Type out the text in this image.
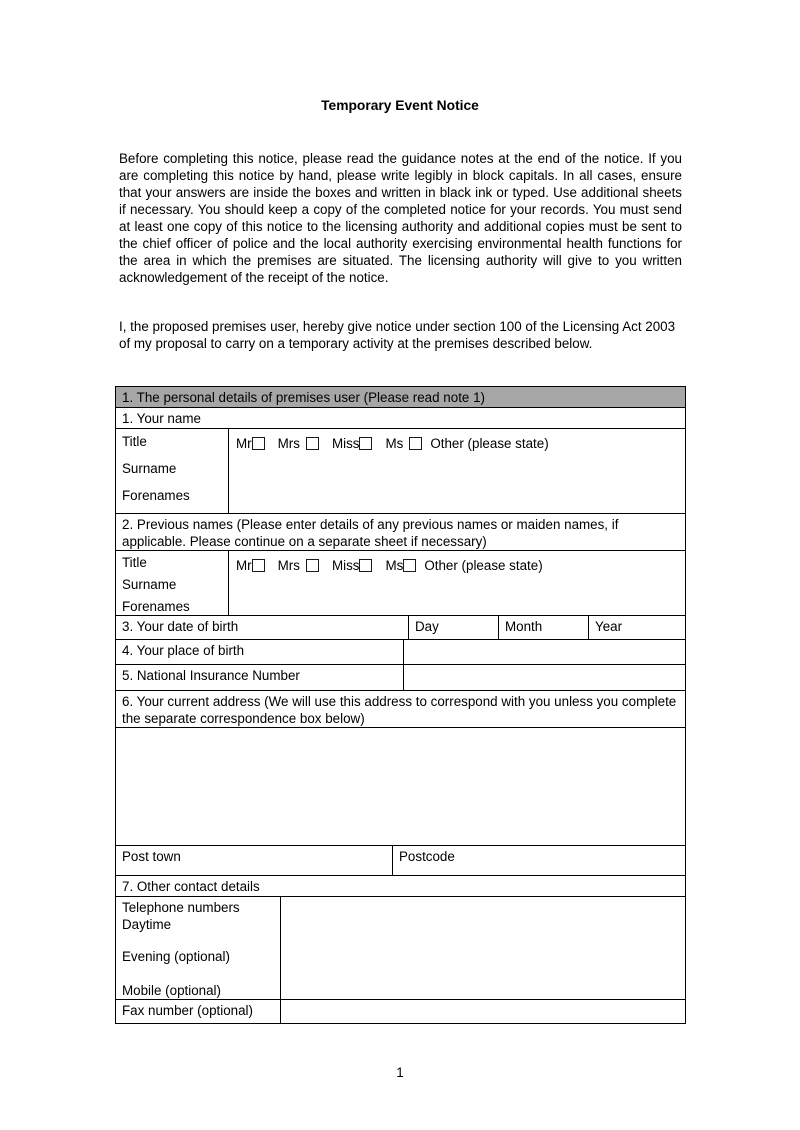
Temporary Event Notice
Before completing this notice, please read the guidance notes at the end of the notice. If you are completing this notice by hand, please write legibly in block capitals. In all cases, ensure that your answers are inside the boxes and written in black ink or typed. Use additional sheets if necessary. You should keep a copy of the completed notice for your records. You must send at least one copy of this notice to the licensing authority and additional copies must be sent to the chief officer of police and the local authority exercising environmental health functions for the area in which the premises are situated. The licensing authority will give to you written acknowledgement of the receipt of the notice.
I, the proposed premises user, hereby give notice under section 100 of the Licensing Act 2003 of my proposal to carry on a temporary activity at the premises described below.
1. The personal details of premises user (Please read note 1)
1. Your name
Title
Surname
Forenames
Mr Mrs Miss Ms Other (please state)
2. Previous names (Please enter details of any previous names or maiden names, if applicable. Please continue on a separate sheet if necessary)
Title
Surname
Forenames
Mr Mrs Miss Ms Other (please state)
3. Your date of birth	Day	Month	Year
4. Your place of birth
5. National Insurance Number
6. Your current address (We will use this address to correspond with you unless you complete the separate correspondence box below)
Post town	Postcode
7. Other contact details
Telephone numbers
Daytime
Evening (optional)
Mobile (optional)
Fax number (optional)
1
